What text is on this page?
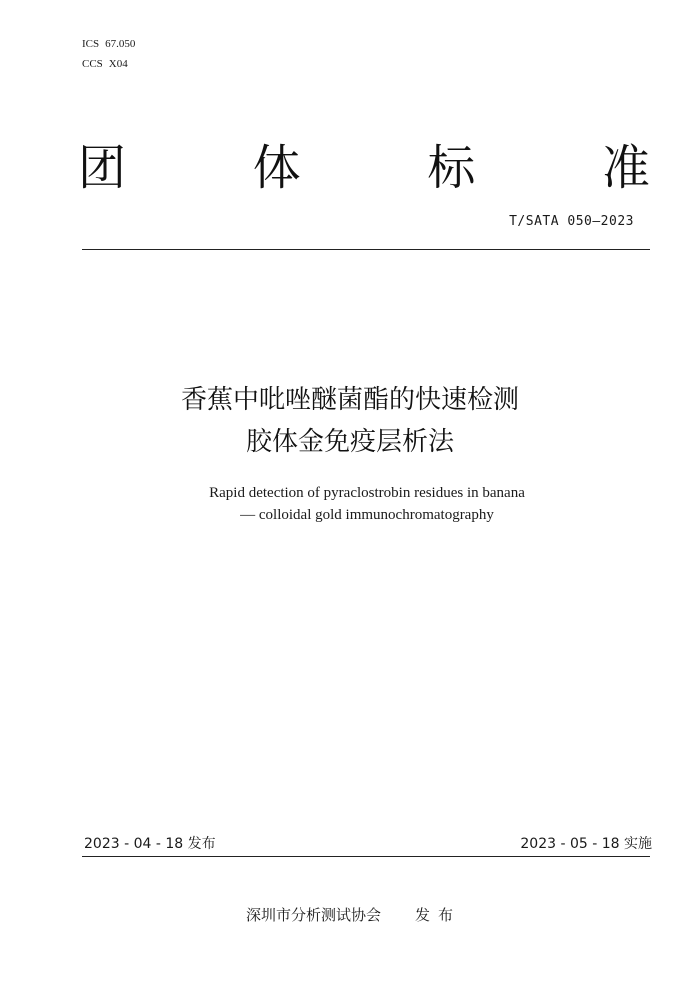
ICS 67.050
CCS X04
团	体	标	准
T/SATA 050—2023
香蕉中吡唑醚菌酯的快速检测
胶体金免疫层析法
Rapid detection of pyraclostrobin residues in banana
— colloidal gold immunochromatography
2023 - 04 - 18 发布	2023 - 05 - 18 实施
深圳市分析测试协会 发布
